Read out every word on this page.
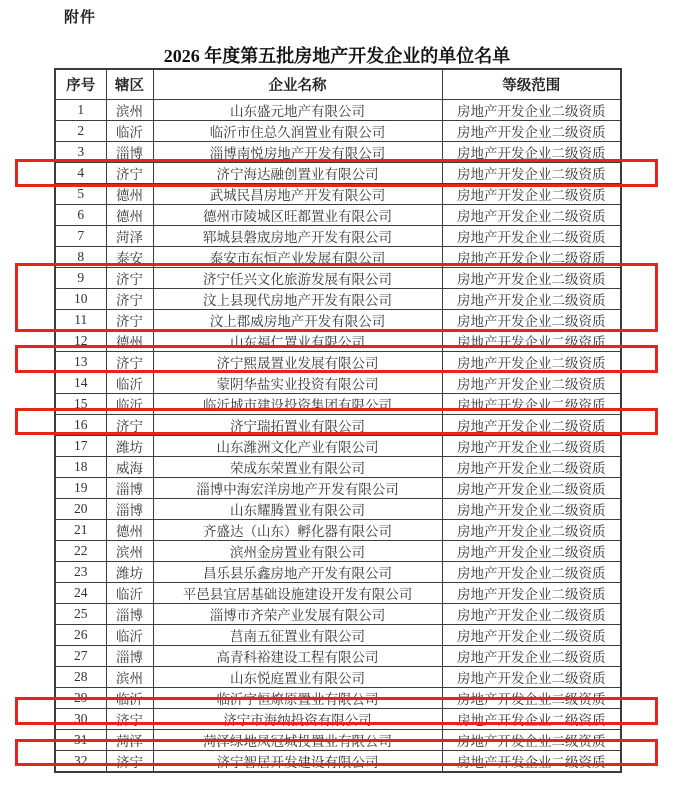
附件
2026 年度第五批房地产开发企业的单位名单
序号	辖区	企业名称	等级范围
1	滨州	山东盛元地产有限公司	房地产开发企业二级资质
2	临沂	临沂市住总久润置业有限公司	房地产开发企业二级资质
3	淄博	淄博南悦房地产开发有限公司	房地产开发企业二级资质
4	济宁	济宁海达融创置业有限公司	房地产开发企业二级资质
5	德州	武城民昌房地产开发有限公司	房地产开发企业二级资质
6	德州	德州市陵城区旺都置业有限公司	房地产开发企业二级资质
7	菏泽	郓城县磐宬房地产开发有限公司	房地产开发企业二级资质
8	泰安	泰安市东恒产业发展有限公司	房地产开发企业二级资质
9	济宁	济宁任兴文化旅游发展有限公司	房地产开发企业二级资质
10	济宁	汶上县现代房地产开发有限公司	房地产开发企业二级资质
11	济宁	汶上郡威房地产开发有限公司	房地产开发企业二级资质
12	德州	山东福仁置业有限公司	房地产开发企业二级资质
13	济宁	济宁熙晟置业发展有限公司	房地产开发企业二级资质
14	临沂	蒙阴华盐实业投资有限公司	房地产开发企业二级资质
15	临沂	临沂城市建设投资集团有限公司	房地产开发企业二级资质
16	济宁	济宁瑞拓置业有限公司	房地产开发企业二级资质
17	潍坊	山东潍洲文化产业有限公司	房地产开发企业二级资质
18	威海	荣成东荣置业有限公司	房地产开发企业二级资质
19	淄博	淄博中海宏洋房地产开发有限公司	房地产开发企业二级资质
20	淄博	山东耀腾置业有限公司	房地产开发企业二级资质
21	德州	齐盛达（山东）孵化器有限公司	房地产开发企业二级资质
22	滨州	滨州金房置业有限公司	房地产开发企业二级资质
23	潍坊	昌乐县乐鑫房地产开发有限公司	房地产开发企业二级资质
24	临沂	平邑县宜居基础设施建设开发有限公司	房地产开发企业二级资质
25	淄博	淄博市齐荣产业发展有限公司	房地产开发企业二级资质
26	临沂	莒南五征置业有限公司	房地产开发企业二级资质
27	淄博	高青科裕建设工程有限公司	房地产开发企业二级资质
28	滨州	山东悦庭置业有限公司	房地产开发企业二级资质
29	临沂	临沂宇恒燎原置业有限公司	房地产开发企业二级资质
30	济宁	济宁市海纳投资有限公司	房地产开发企业二级资质
31	菏泽	菏泽绿地凤冠城投置业有限公司	房地产开发企业二级资质
32	济宁	济宁智居开发建设有限公司	房地产开发企业二级资质
